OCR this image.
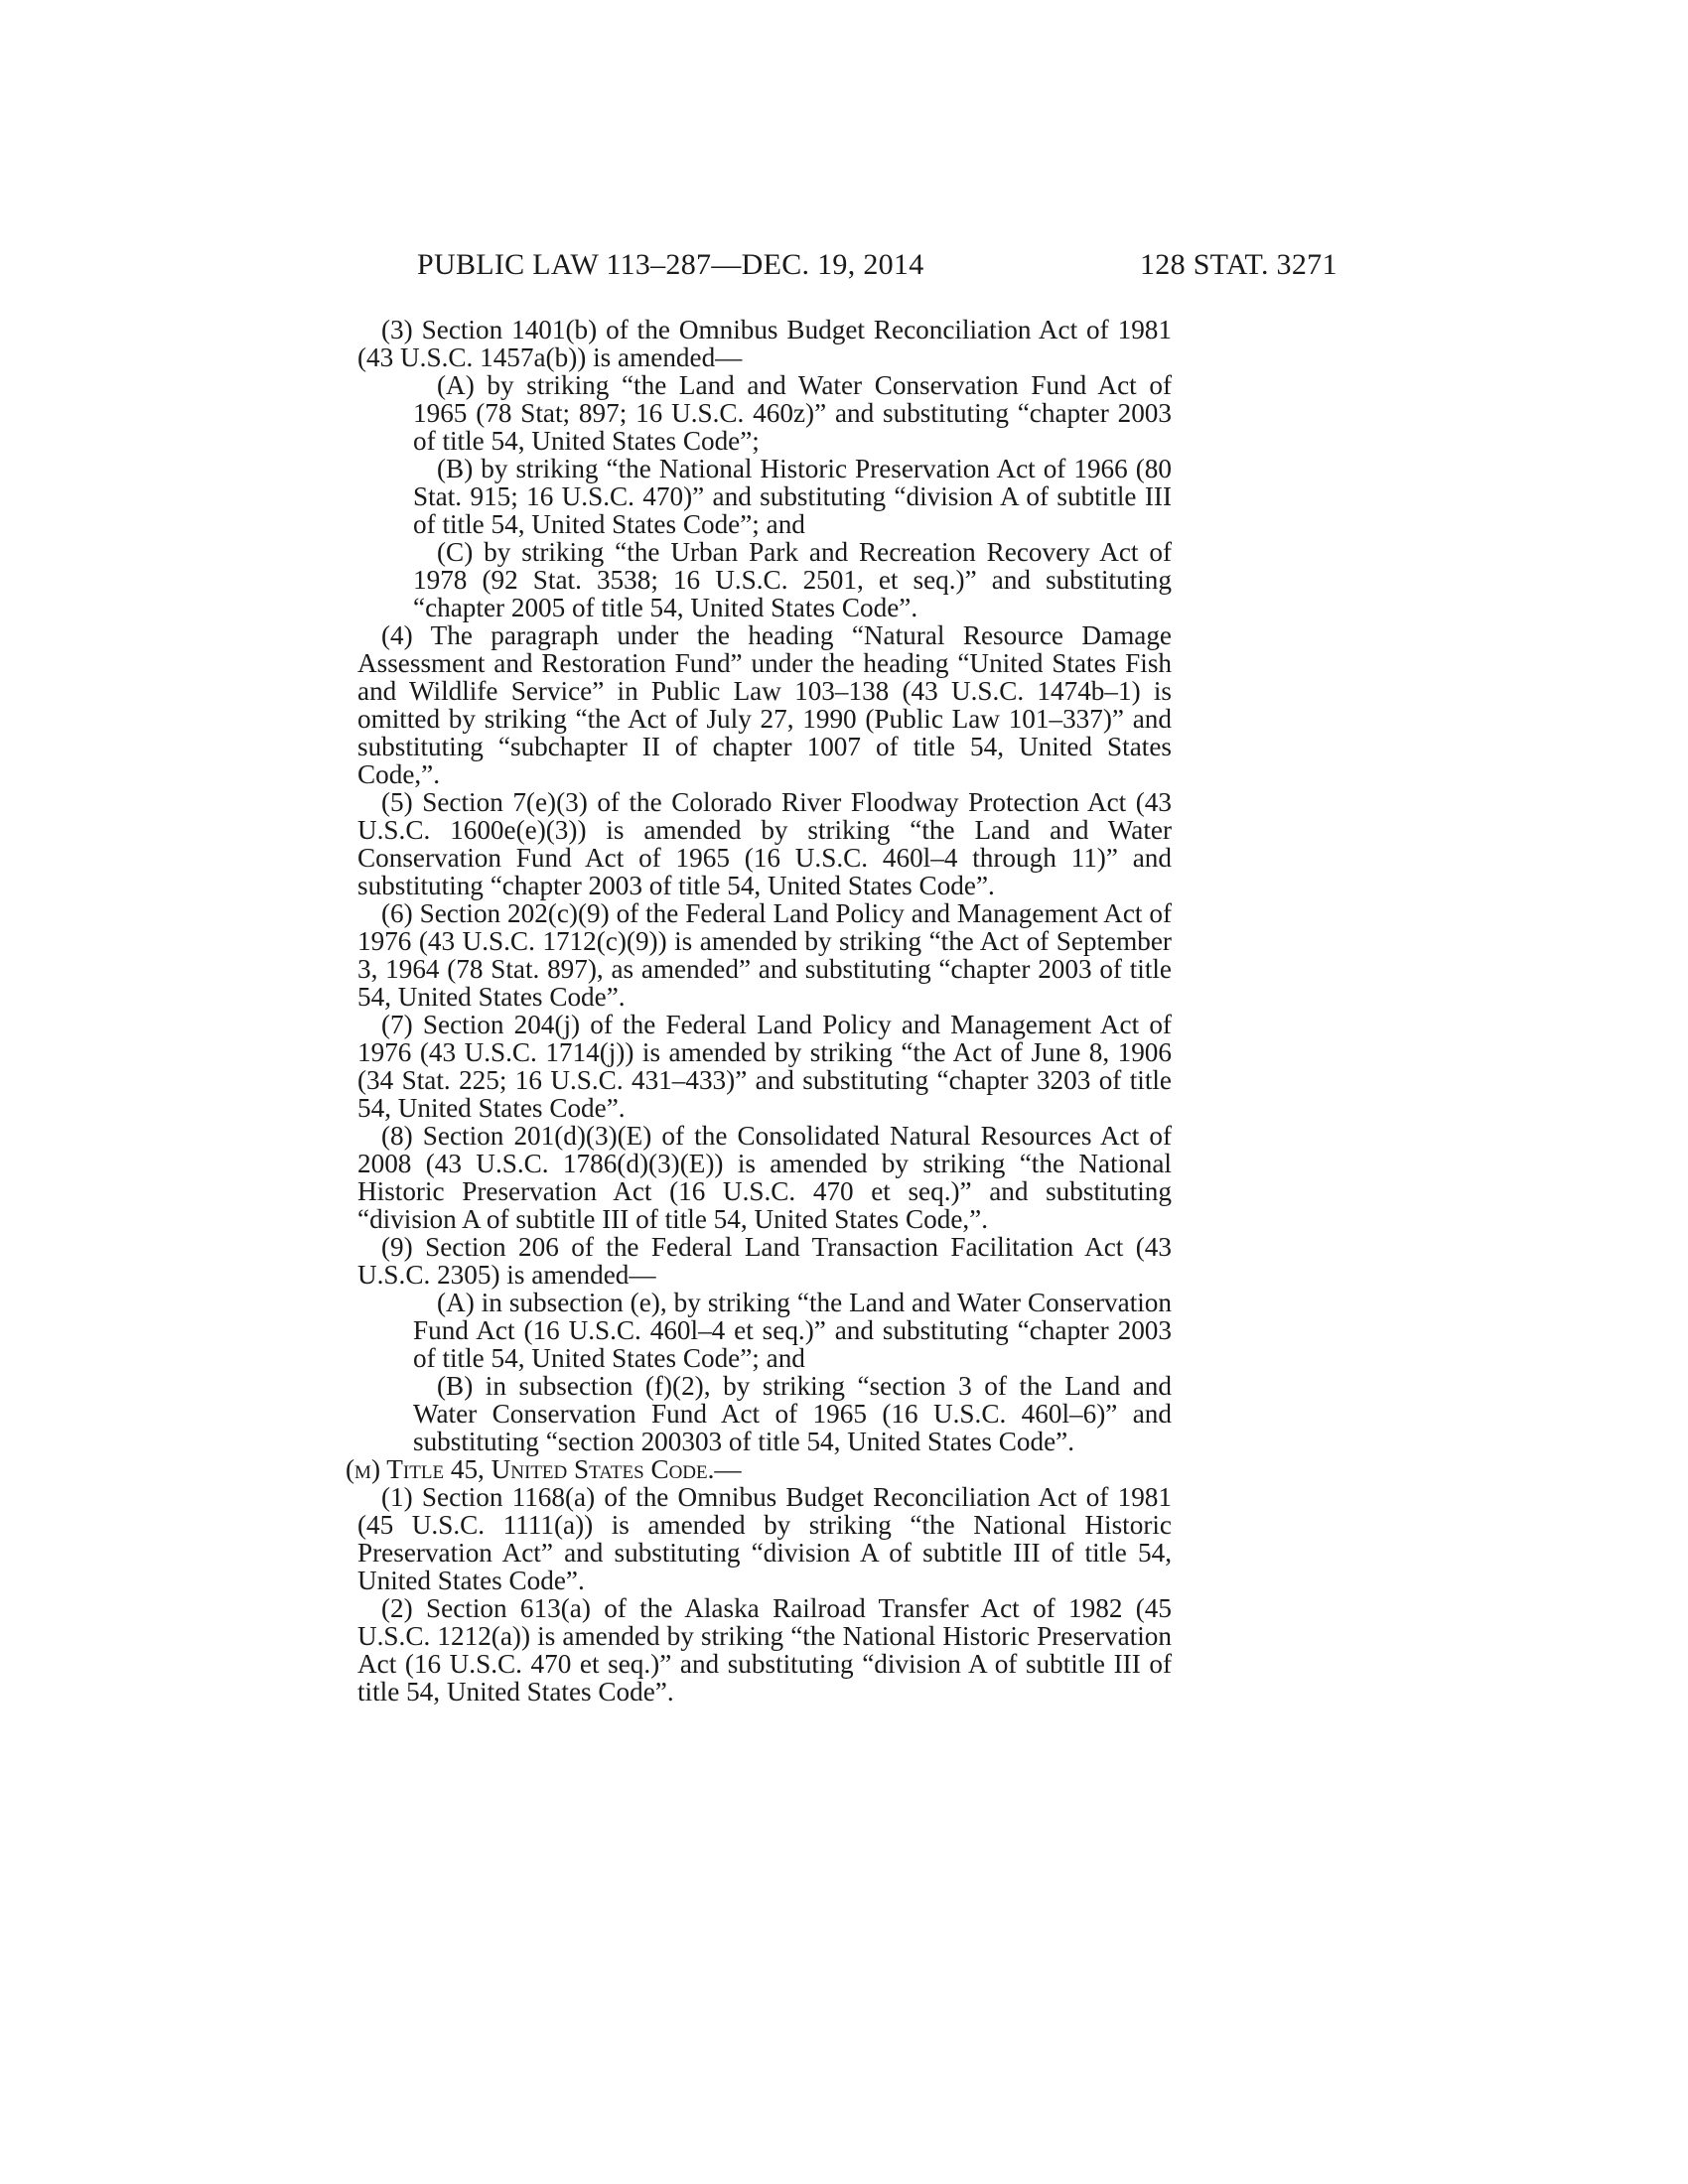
PUBLIC LAW 113–287—DEC. 19, 2014	128 STAT. 3271

(3) Section 1401(b) of the Omnibus Budget Reconciliation Act of 1981 (43 U.S.C. 1457a(b)) is amended—

(A) by striking “the Land and Water Conservation Fund Act of 1965 (78 Stat; 897; 16 U.S.C. 460z)” and substituting “chapter 2003 of title 54, United States Code”;

(B) by striking “the National Historic Preservation Act of 1966 (80 Stat. 915; 16 U.S.C. 470)” and substituting “division A of subtitle III of title 54, United States Code”; and

(C) by striking “the Urban Park and Recreation Recovery Act of 1978 (92 Stat. 3538; 16 U.S.C. 2501, et seq.)” and substituting “chapter 2005 of title 54, United States Code”.

(4) The paragraph under the heading “Natural Resource Damage Assessment and Restoration Fund” under the heading “United States Fish and Wildlife Service” in Public Law 103–138 (43 U.S.C. 1474b–1) is omitted by striking “the Act of July 27, 1990 (Public Law 101–337)” and substituting “subchapter II of chapter 1007 of title 54, United States Code,”.

(5) Section 7(e)(3) of the Colorado River Floodway Protection Act (43 U.S.C. 1600e(e)(3)) is amended by striking “the Land and Water Conservation Fund Act of 1965 (16 U.S.C. 460l–4 through 11)” and substituting “chapter 2003 of title 54, United States Code”.

(6) Section 202(c)(9) of the Federal Land Policy and Management Act of 1976 (43 U.S.C. 1712(c)(9)) is amended by striking “the Act of September 3, 1964 (78 Stat. 897), as amended” and substituting “chapter 2003 of title 54, United States Code”.

(7) Section 204(j) of the Federal Land Policy and Management Act of 1976 (43 U.S.C. 1714(j)) is amended by striking “the Act of June 8, 1906 (34 Stat. 225; 16 U.S.C. 431–433)” and substituting “chapter 3203 of title 54, United States Code”.

(8) Section 201(d)(3)(E) of the Consolidated Natural Resources Act of 2008 (43 U.S.C. 1786(d)(3)(E)) is amended by striking “the National Historic Preservation Act (16 U.S.C. 470 et seq.)” and substituting “division A of subtitle III of title 54, United States Code,”.

(9) Section 206 of the Federal Land Transaction Facilitation Act (43 U.S.C. 2305) is amended—

(A) in subsection (e), by striking “the Land and Water Conservation Fund Act (16 U.S.C. 460l–4 et seq.)” and substituting “chapter 2003 of title 54, United States Code”; and

(B) in subsection (f)(2), by striking “section 3 of the Land and Water Conservation Fund Act of 1965 (16 U.S.C. 460l–6)” and substituting “section 200303 of title 54, United States Code”.

(m) Title 45, United States Code.—

(1) Section 1168(a) of the Omnibus Budget Reconciliation Act of 1981 (45 U.S.C. 1111(a)) is amended by striking “the National Historic Preservation Act” and substituting “division A of subtitle III of title 54, United States Code”.

(2) Section 613(a) of the Alaska Railroad Transfer Act of 1982 (45 U.S.C. 1212(a)) is amended by striking “the National Historic Preservation Act (16 U.S.C. 470 et seq.)” and substituting “division A of subtitle III of title 54, United States Code”.
